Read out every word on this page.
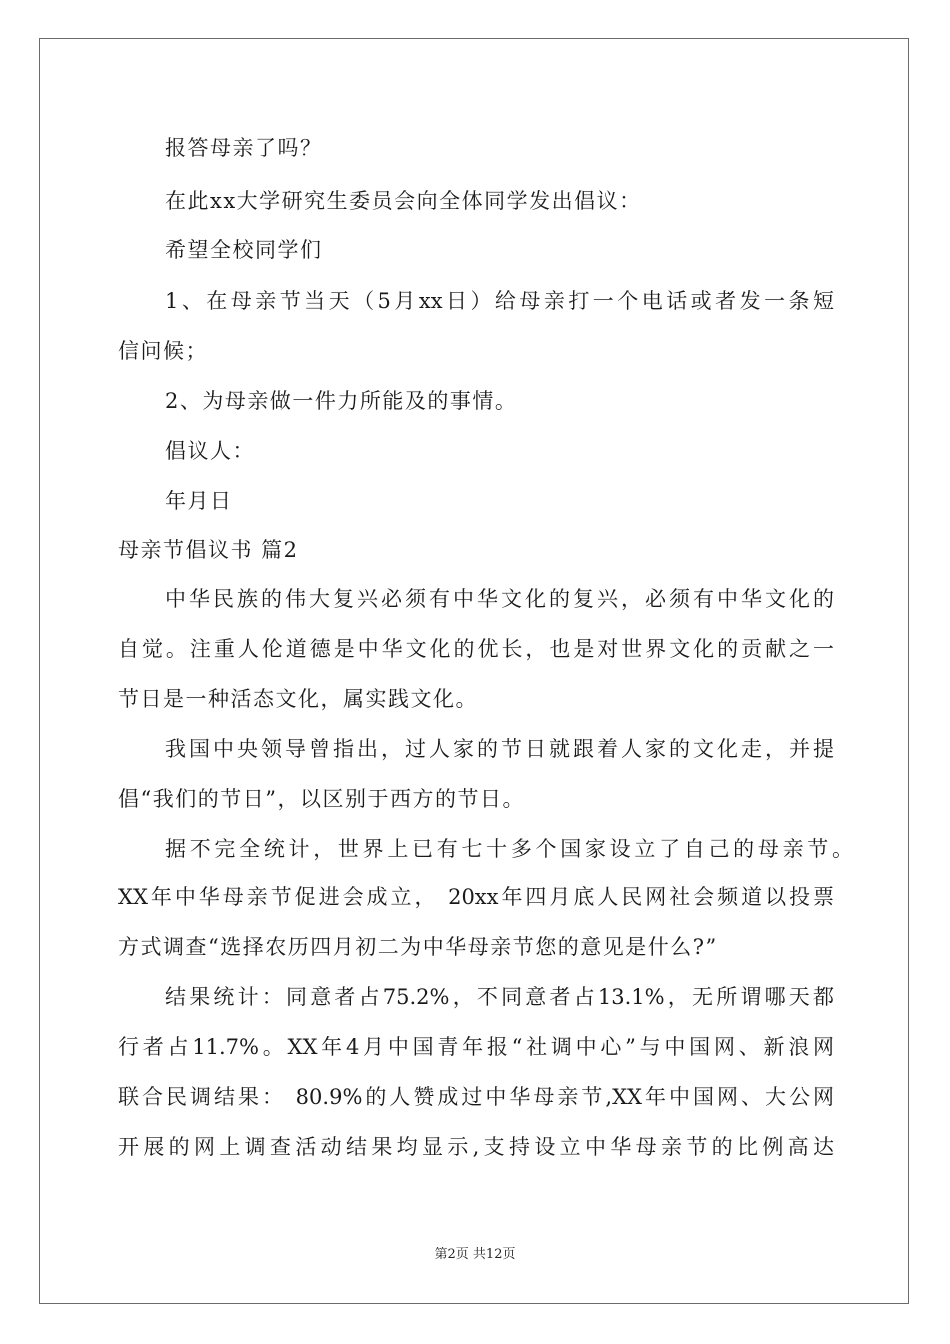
报答母亲了吗？
在此xx大学研究生委员会向全体同学发出倡议：
希望全校同学们
1、在母亲节当天（5月xx日）给母亲打一个电话或者发一条短
信问候；
2、为母亲做一件力所能及的事情。
倡议人：
年月日
母亲节倡议书 篇2
中华民族的伟大复兴必须有中华文化的复兴，必须有中华文化的
自觉。注重人伦道德是中华文化的优长，也是对世界文化的贡献之一
节日是一种活态文化，属实践文化。
我国中央领导曾指出，过人家的节日就跟着人家的文化走，并提
倡“我们的节日”，以区别于西方的节日。
据不完全统计，世界上已有七十多个国家设立了自己的母亲节。
XX年中华母亲节促进会成立， 20xx年四月底人民网社会频道以投票
方式调查“选择农历四月初二为中华母亲节您的意见是什么?”
结果统计：同意者占75.2%，不同意者占13.1%，无所谓哪天都
行者占11.7%。XX年4月中国青年报“社调中心”与中国网、新浪网
联合民调结果： 80.9%的人赞成过中华母亲节,XX年中国网、大公网
开展的网上调查活动结果均显示,支持设立中华母亲节的比例高达
第2页 共12页
